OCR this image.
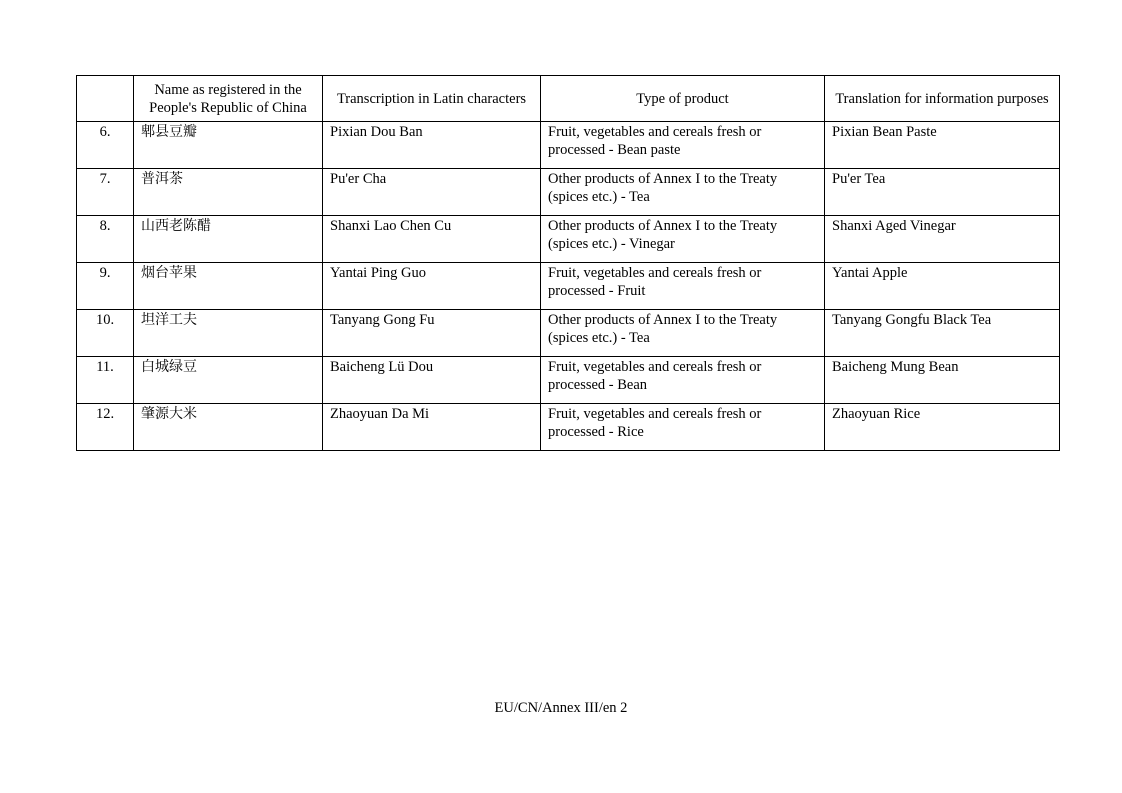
	Name as registered in the People's Republic of China	Transcription in Latin characters	Type of product	Translation for information purposes
6.	郫县豆瓣	Pixian Dou Ban	Fruit, vegetables and cereals fresh or processed - Bean paste	Pixian Bean Paste
7.	普洱茶	Pu'er Cha	Other products of Annex I to the Treaty (spices etc.) - Tea	Pu'er Tea
8.	山西老陈醋	Shanxi Lao Chen Cu	Other products of Annex I to the Treaty (spices etc.) - Vinegar	Shanxi Aged Vinegar
9.	烟台苹果	Yantai Ping Guo	Fruit, vegetables and cereals fresh or processed - Fruit	Yantai Apple
10.	坦洋工夫	Tanyang Gong Fu	Other products of Annex I to the Treaty (spices etc.) - Tea	Tanyang Gongfu Black Tea
11.	白城绿豆	Baicheng Lü Dou	Fruit, vegetables and cereals fresh or processed - Bean	Baicheng Mung Bean
12.	肇源大米	Zhaoyuan Da Mi	Fruit, vegetables and cereals fresh or processed - Rice	Zhaoyuan Rice
EU/CN/Annex III/en 2
